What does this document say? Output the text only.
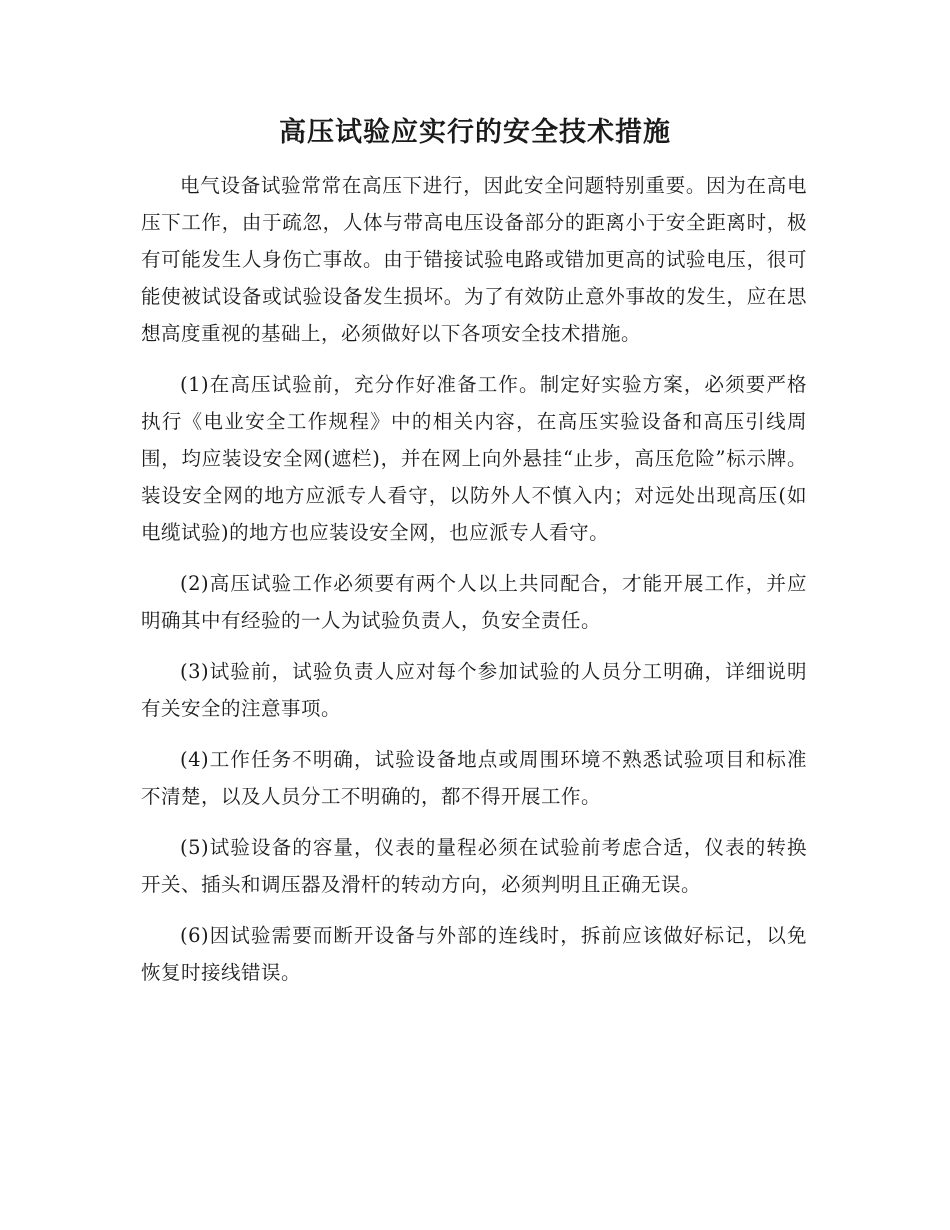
高压试验应实行的安全技术措施

电气设备试验常常在高压下进行，因此安全问题特别重要。因为在高电压下工作，由于疏忽，人体与带高电压设备部分的距离小于安全距离时，极有可能发生人身伤亡事故。由于错接试验电路或错加更高的试验电压，很可能使被试设备或试验设备发生损坏。为了有效防止意外事故的发生，应在思想高度重视的基础上，必须做好以下各项安全技术措施。

(1)在高压试验前，充分作好准备工作。制定好实验方案，必须要严格执行《电业安全工作规程》中的相关内容，在高压实验设备和高压引线周围，均应装设安全网(遮栏)，并在网上向外悬挂“止步，高压危险”标示牌。装设安全网的地方应派专人看守，以防外人不慎入内；对远处出现高压(如电缆试验)的地方也应装设安全网，也应派专人看守。

(2)高压试验工作必须要有两个人以上共同配合，才能开展工作，并应明确其中有经验的一人为试验负责人，负安全责任。

(3)试验前，试验负责人应对每个参加试验的人员分工明确，详细说明有关安全的注意事项。

(4)工作任务不明确，试验设备地点或周围环境不熟悉试验项目和标准不清楚，以及人员分工不明确的，都不得开展工作。

(5)试验设备的容量，仪表的量程必须在试验前考虑合适，仪表的转换开关、插头和调压器及滑杆的转动方向，必须判明且正确无误。

(6)因试验需要而断开设备与外部的连线时，拆前应该做好标记，以免恢复时接线错误。
